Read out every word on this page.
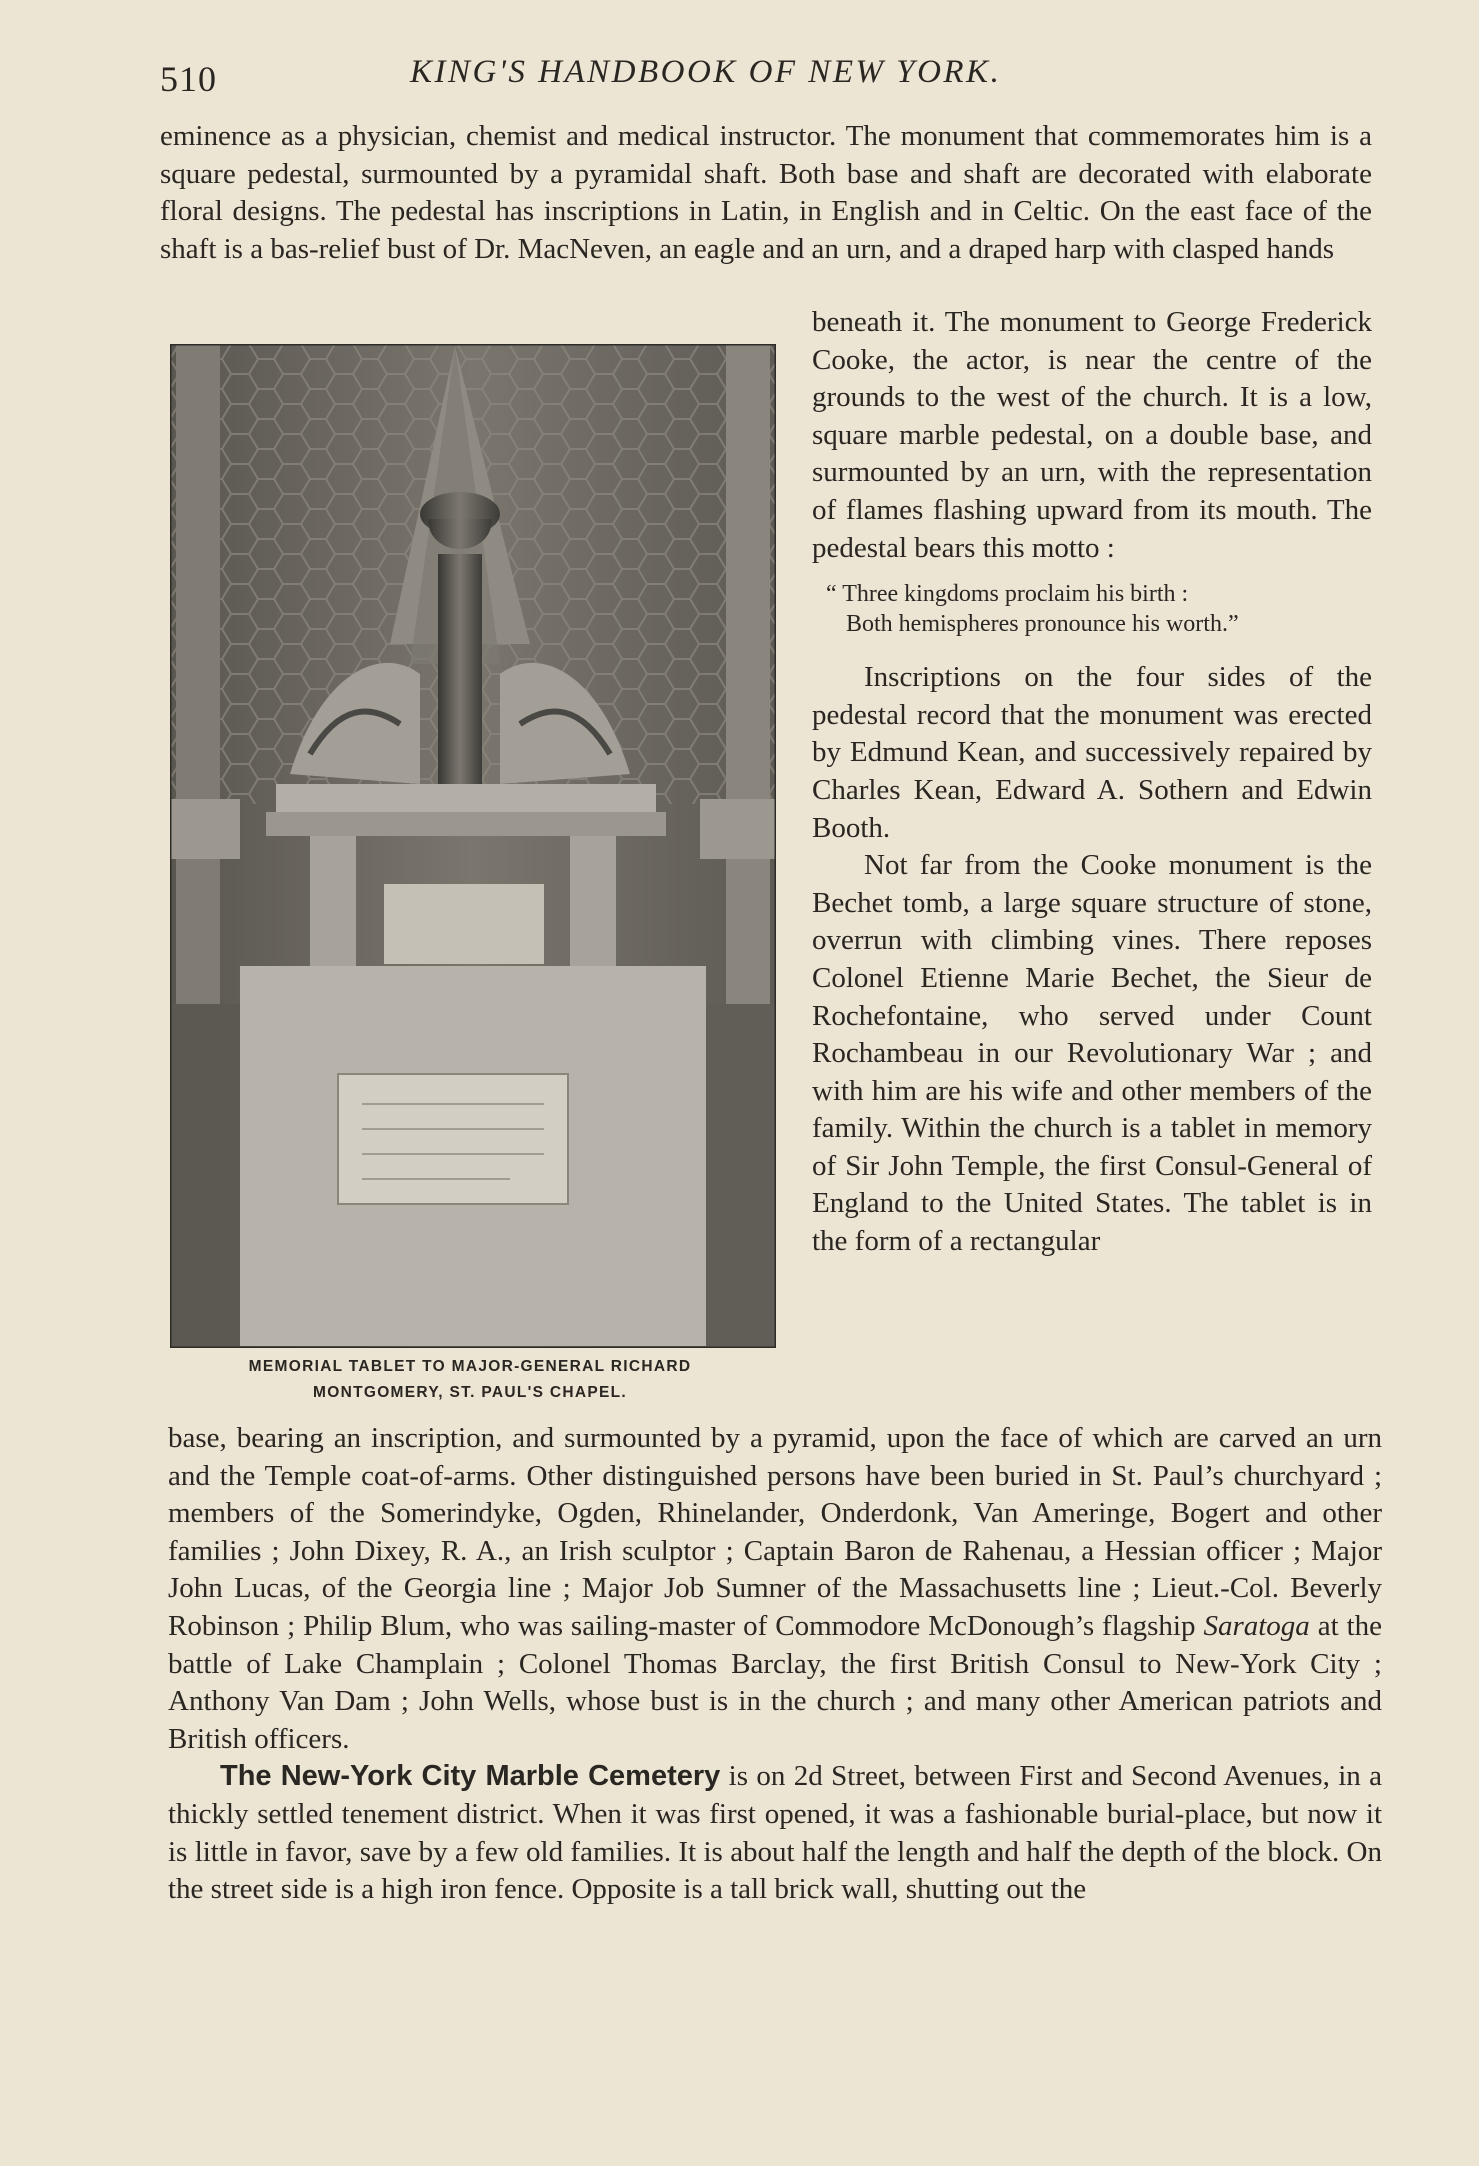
510	KING'S HANDBOOK OF NEW YORK.

eminence as a physician, chemist and medical instructor. The monument that commemorates him is a square pedestal, surmounted by a pyramidal shaft. Both base and shaft are decorated with elaborate floral designs. The pedestal has inscriptions in Latin, in English and in Celtic. On the east face of the shaft is a bas-relief bust of Dr. MacNeven, an eagle and an urn, and a draped harp with clasped hands

MEMORIAL TABLET TO MAJOR-GENERAL RICHARD
MONTGOMERY, ST. PAUL'S CHAPEL.

beneath it. The monument to George Frederick Cooke, the actor, is near the centre of the grounds to the west of the church. It is a low, square marble pedestal, on a double base, and surmounted by an urn, with the representation of flames flashing upward from its mouth. The pedestal bears this motto :

“ Three kingdoms proclaim his birth :
Both hemispheres pronounce his worth.”

Inscriptions on the four sides of the pedestal record that the monument was erected by Edmund Kean, and successively repaired by Charles Kean, Edward A. Sothern and Edwin Booth.

Not far from the Cooke monument is the Bechet tomb, a large square structure of stone, overrun with climbing vines. There reposes Colonel Etienne Marie Bechet, the Sieur de Rochefontaine, who served under Count Rochambeau in our Revolutionary War ; and with him are his wife and other members of the family. Within the church is a tablet in memory of Sir John Temple, the first Consul-General of England to the United States. The tablet is in the form of a rectangular

base, bearing an inscription, and surmounted by a pyramid, upon the face of which are carved an urn and the Temple coat-of-arms. Other distinguished persons have been buried in St. Paul’s churchyard ; members of the Somerindyke, Ogden, Rhinelander, Onderdonk, Van Ameringe, Bogert and other families ; John Dixey, R. A., an Irish sculptor ; Captain Baron de Rahenau, a Hessian officer ; Major John Lucas, of the Georgia line ; Major Job Sumner of the Massachusetts line ; Lieut.-Col. Beverly Robinson ; Philip Blum, who was sailing-master of Commodore McDonough’s flagship Saratoga at the battle of Lake Champlain ; Colonel Thomas Barclay, the first British Consul to New-York City ; Anthony Van Dam ; John Wells, whose bust is in the church ; and many other American patriots and British officers.

The New-York City Marble Cemetery is on 2d Street, between First and Second Avenues, in a thickly settled tenement district. When it was first opened, it was a fashionable burial-place, but now it is little in favor, save by a few old families. It is about half the length and half the depth of the block. On the street side is a high iron fence. Opposite is a tall brick wall, shutting out the
